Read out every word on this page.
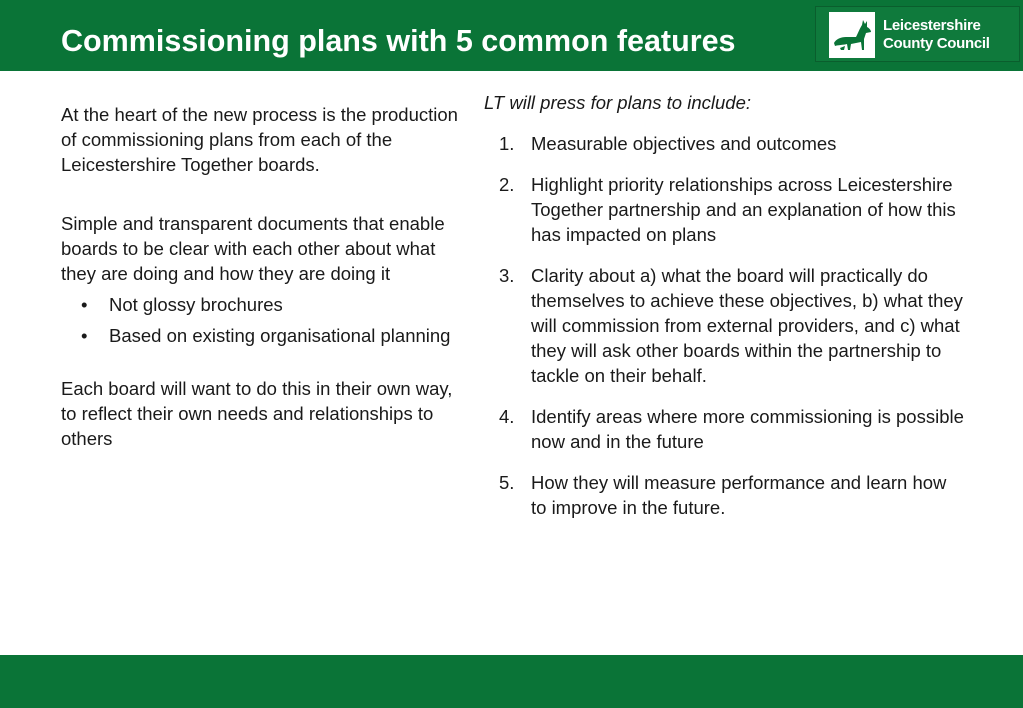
Commissioning plans with 5 common features	Leicestershire
County Council

At the heart of the new process is the production of commissioning plans from each of the Leicestershire Together boards.

Simple and transparent documents that enable boards to be clear with each other about what they are doing and how they are doing it

• Not glossy brochures
• Based on existing organisational planning

Each board will want to do this in their own way, to reflect their own needs and relationships to others

LT will press for plans to include:

1. Measurable objectives and outcomes
2. Highlight priority relationships across Leicestershire Together partnership and an explanation of how this has impacted on plans
3. Clarity about a) what the board will practically do themselves to achieve these objectives, b) what they will commission from external providers, and c) what they will ask other boards within the partnership to tackle on their behalf.
4. Identify areas where more commissioning is possible now and in the future
5. How they will measure performance and learn how to improve in the future.
